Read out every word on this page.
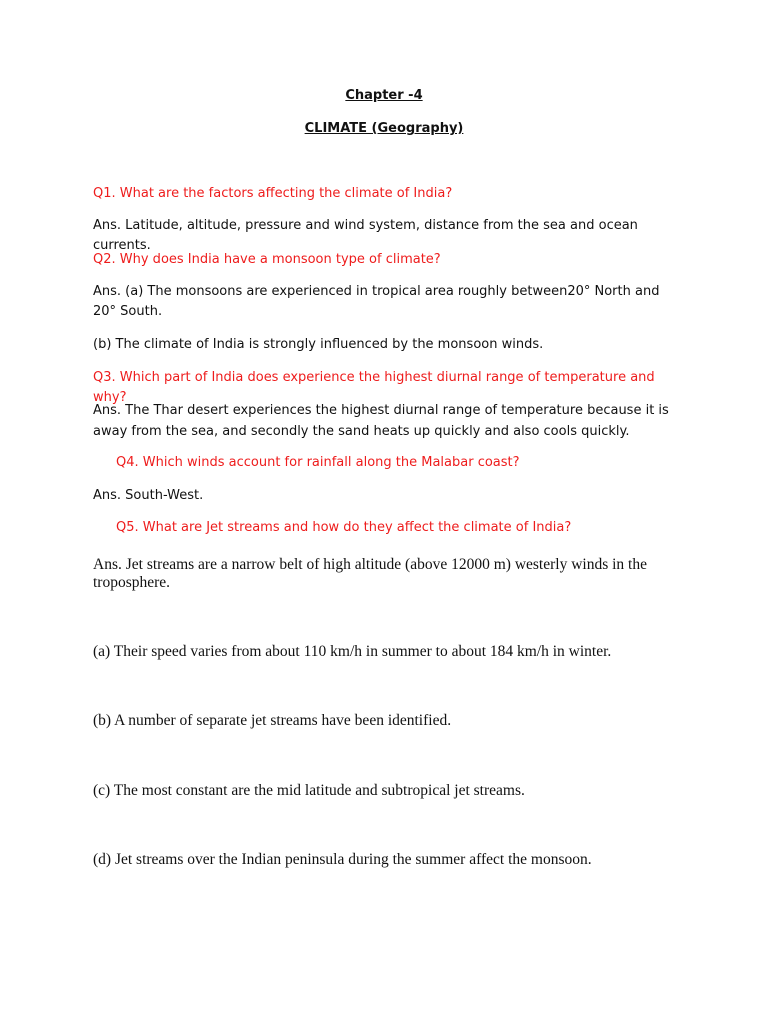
Chapter -4
CLIMATE (Geography)
Q1. What are the factors affecting the climate of India?
Ans. Latitude, altitude, pressure and wind system, distance from the sea and ocean currents.
Q2. Why does India have a monsoon type of climate?
Ans. (a) The monsoons are experienced in tropical area roughly between20° North and 20° South.
(b) The climate of India is strongly influenced by the monsoon winds.
Q3. Which part of India does experience the highest diurnal range of temperature and why?
Ans. The Thar desert experiences the highest diurnal range of temperature because it is away from the sea, and secondly the sand heats up quickly and also cools quickly.
Q4. Which winds account for rainfall along the Malabar coast?
Ans. South-West.
Q5. What are Jet streams and how do they affect the climate of India?
Ans. Jet streams are a narrow belt of high altitude (above 12000 m) westerly winds in the troposphere.
(a) Their speed varies from about 110 km/h in summer to about 184 km/h in winter.
(b) A number of separate jet streams have been identified.
(c) The most constant are the mid latitude and subtropical jet streams.
(d) Jet streams over the Indian peninsula during the summer affect the monsoon.
